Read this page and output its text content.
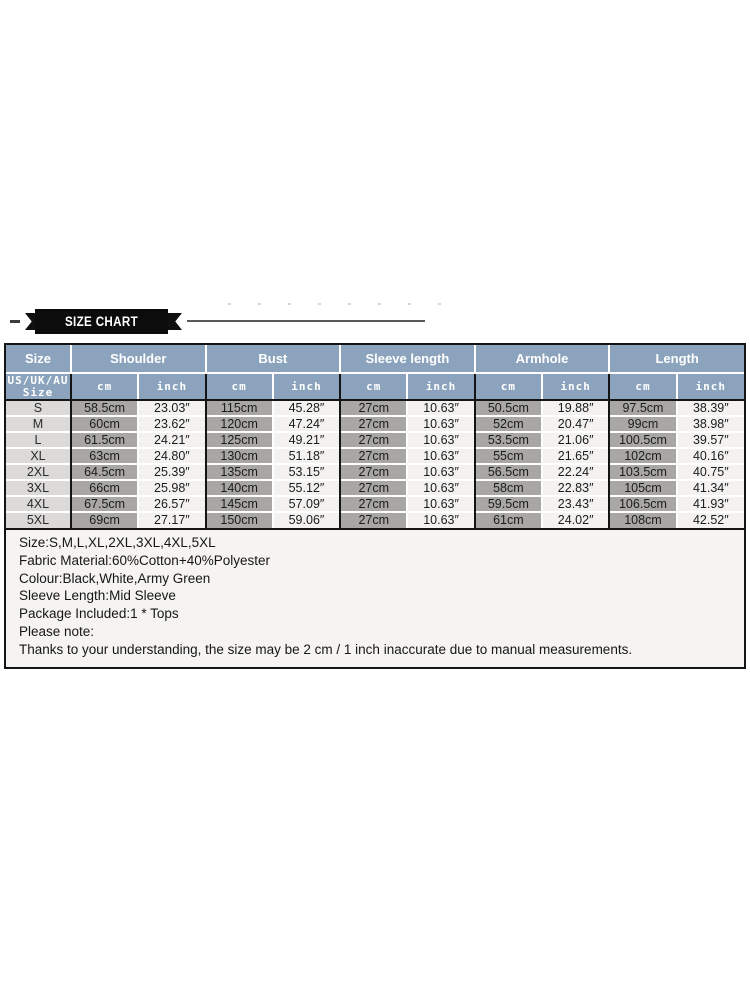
SIZE CHART
Size	Shoulder		Bust		Sleeve length		Armhole		Length	

US/UK/AU
Size	cm	inch	cm	inch	cm	inch	cm	inch	cm	inch
S	58.5cm	23.03″	115cm	45.28″	27cm	10.63″	50.5cm	19.88″	97.5cm	38.39″
M	60cm	23.62″	120cm	47.24″	27cm	10.63″	52cm	20.47″	99cm	38.98″
L	61.5cm	24.21″	125cm	49.21″	27cm	10.63″	53.5cm	21.06″	100.5cm	39.57″
XL	63cm	24.80″	130cm	51.18″	27cm	10.63″	55cm	21.65″	102cm	40.16″
2XL	64.5cm	25.39″	135cm	53.15″	27cm	10.63″	56.5cm	22.24″	103.5cm	40.75″
3XL	66cm	25.98″	140cm	55.12″	27cm	10.63″	58cm	22.83″	105cm	41.34″
4XL	67.5cm	26.57″	145cm	57.09″	27cm	10.63″	59.5cm	23.43″	106.5cm	41.93″
5XL	69cm	27.17″	150cm	59.06″	27cm	10.63″	61cm	24.02″	108cm	42.52″
Size:S,M,L,XL,2XL,3XL,4XL,5XL
Fabric Material:60%Cotton+40%Polyester
Colour:Black,White,Army Green
Sleeve Length:Mid Sleeve
Package Included:1 * Tops
Please note:
Thanks to your understanding, the size may be 2 cm / 1 inch inaccurate due to manual measurements.
